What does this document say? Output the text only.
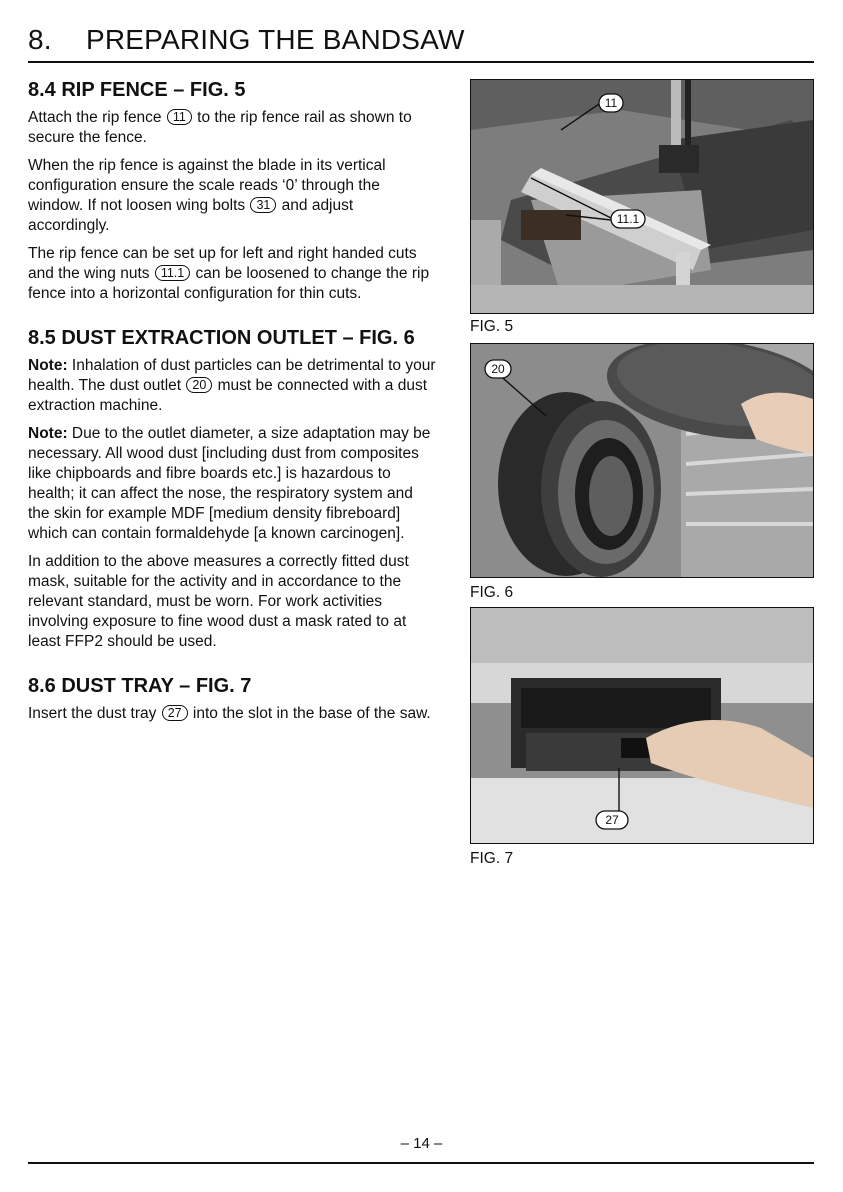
8. PREPARING THE BANDSAW
8.4 RIP FENCE – FIG. 5

Attach the rip fence 11 to the rip fence rail as shown to secure the fence.

When the rip fence is against the blade in its vertical configuration ensure the scale reads ‘0’ through the window. If not loosen wing bolts 31 and adjust accordingly.

The rip fence can be set up for left and right handed cuts and the wing nuts 11.1 can be loosened to change the rip fence into a horizontal configuration for thin cuts.

8.5 DUST EXTRACTION OUTLET – FIG. 6

Note: Inhalation of dust particles can be detrimental to your health. The dust outlet 20 must be connected with a dust extraction machine.

Note: Due to the outlet diameter, a size adaptation may be necessary. All wood dust [including dust from composites like chipboards and fibre boards etc.] is hazardous to health; it can affect the nose, the respiratory system and the skin for example MDF [medium density fibreboard] which can contain formaldehyde [a known carcinogen].

In addition to the above measures a correctly fitted dust mask, suitable for the activity and in accordance to the relevant standard, must be worn. For work activities involving exposure to fine wood dust a mask rated to at least FFP2 should be used.

8.6 DUST TRAY – FIG. 7

Insert the dust tray 27 into the slot in the base of the saw.

11
11.1
FIG. 5
20
FIG. 6
27
FIG. 7
– 14 –
